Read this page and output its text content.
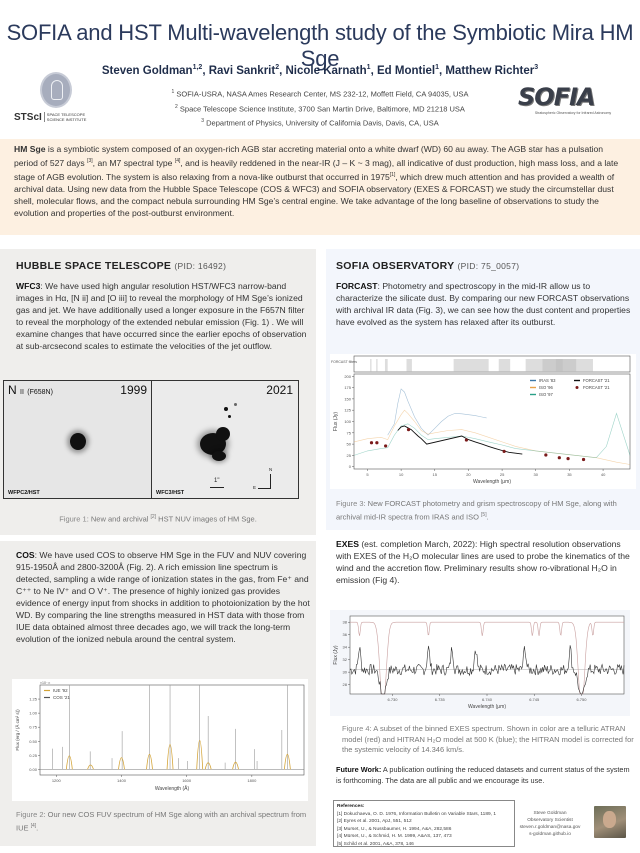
SOFIA and HST Multi-wavelength study of the Symbiotic Mira HM Sge
Steven Goldman$^{1,2}$, Ravi Sankrit$^2$, Nicole Karnath$^1$, Ed Montiel$^1$, Matthew Richter$^3$
$^1$ SOFIA-USRA, NASA Ames Research Center, MS 232-12, Moffett Field, CA 94035, USA
$^2$ Space Telescope Science Institute, 3700 San Martin Drive, Baltimore, MD 21218 USA
$^3$ Department of Physics, University of California Davis, Davis, CA, USA
STScI SPACE TELESCOPE
SCIENCE INSTITUTE
SOFIA
Stratospheric Observatory for Infrared Astronomy
HM Sge is a symbiotic system composed of an oxygen-rich AGB star accreting material onto a white dwarf (WD) 60 au away. The AGB star has a pulsation period of 527 days [3], an M7 spectral type [4], and is heavily reddened in the near-IR (J – K ~ 3 mag), all indicative of dust production, high mass loss, and a late stage of AGB evolution. The system is also relaxing from a nova-like outburst that occurred in 1975[1], which drew much attention and has provided a wealth of archival data. Using new data from the Hubble Space Telescope (COS & WFC3) and SOFIA observatory (EXES & FORCAST) we study the circumstellar dust shell, molecular flows, and the compact nebula surrounding HM Sge’s central engine. We take advantage of the long baseline of observations to study the evolution and properties of the post-outburst environment.
HUBBLE SPACE TELESCOPE (PID: 16492)
WFC3: We have used high angular resolution HST/WFC3 narrow-band images in Hα, [N ii] and [O iii] to reveal the morphology of HM Sge’s ionized gas and jet. We have additionally used a longer exposure in the F657N filter to reveal the morphology of the extended nebular emission (Fig. 1) . We will examine changes that have occurred since the earlier epochs of observation at sub-arcsecond scales to estimate the velocities of the jet outflow.
N II (F658N)	1999
WFPC2/HST
2021
WFC3/HST
1"
N
E
Figure 1: New and archival [2] HST NUV images of HM Sge.
COS: We have used COS to observe HM Sge in the FUV and NUV covering 915-1950Å and 2800-3200Å (Fig. 2). A rich emission line spectrum is detected, sampling a wide range of ionization states in the gas, from Fe⁺ and C⁺⁺ to Ne IV⁺ and O V⁺. The presence of highly ionized gas provides evidence of energy input from shocks in addition to photoionization by the hot WD. By comparing the line strengths measured in HST data with those from IUE data obtained almost three decades ago, we will track the long-term evolution of the ionized nebula around the central system.
×10⁻¹²
0.00
0.25
0.50
0.75
1.00
1.25
1200	1400	1600	1800
Wavelength (Å)
Flux (erg / (Å cm² s))
IUE '92
COS '21
Figure 2: Our new COS FUV spectrum of HM Sge along with an archival spectrum from IUE [4].
SOFIA OBSERVATORY (PID: 75_0057)
FORCAST: Photometry and spectroscopy in the mid-IR allow us to characterize the silicate dust. By comparing our new FORCAST observations with archival IR data (Fig. 3), we can see how the dust content and properties have evolved as the system has relaxed after its outburst.
FORCAST filters
0
25
50
75
100
125
150
175
200
5	10	15	20	25	30	35	40
Wavelength (μm)
Flux (Jy)
IRAS '83
ISO '96
ISO '97
FORCAST '21
FORCAST '21
Figure 3: New FORCAST photometry and grism spectroscopy of HM Sge, along with archival mid-IR spectra from IRAS and ISO [5].
EXES (est. completion March, 2022): High spectral resolution observations with EXES of the H₂O molecular lines are used to probe the kinematics of the wind and the accretion flow. Preliminary results show ro-vibrational H₂O in emission (Fig 4).
28
30
32
34
36
38
6.730	6.735	6.740	6.745	6.750
Wavelength (μm)
Flux (Jy)
Figure 4: A subset of the binned EXES spectrum. Shown in color are a telluric ATRAN model (red) and HITRAN H₂O model at 500 K (blue); the HITRAN model is corrected for the systemic velocity of 14.346 km/s.
Future Work: A publication outlining the reduced datasets and current status of the system is forthcoming. The data are all public and we encourage its use.
References:
[1] Dokuchaeva, O. D. 1976, Information Bulletin on Variable Stars, 1189, 1
[2] Eyres et al. 2001, ApJ, 551, 512
[3] Murset, U., & Nussbaumer, H. 1994, A&A, 282,586
[4] Mürset, U., & Schmid, H. M. 1999, A&AS, 137, 473
[5] Schild et al. 2001, A&A, 378, 146
Steve Goldman
Observatory Scientist
steven.r.goldman@nasa.gov
s-goldman.github.io
